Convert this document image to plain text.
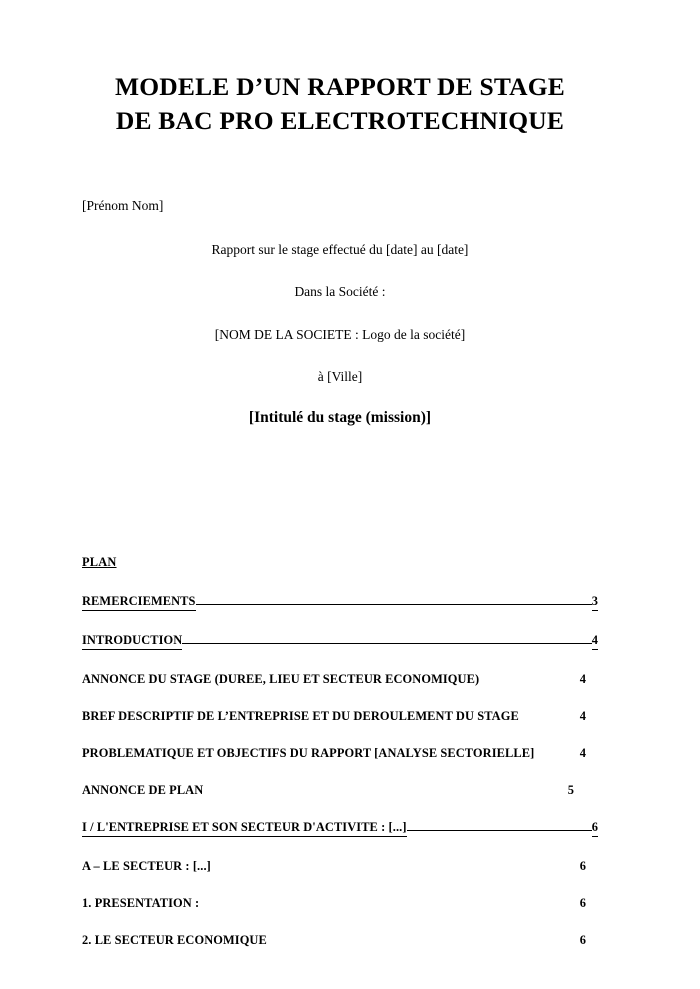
MODELE D’UN RAPPORT DE STAGE
DE BAC PRO ELECTROTECHNIQUE

[Prénom Nom]

Rapport sur le stage effectué du [date] au [date]

Dans la Société :

[NOM DE LA SOCIETE : Logo de la société]

à [Ville]

[Intitulé du stage (mission)]

PLAN

REMERCIEMENTS	3
INTRODUCTION	4
ANNONCE DU STAGE (DUREE, LIEU ET SECTEUR ECONOMIQUE)	4
BREF DESCRIPTIF DE L’ENTREPRISE ET DU DEROULEMENT DU STAGE	4
PROBLEMATIQUE ET OBJECTIFS DU RAPPORT [ANALYSE SECTORIELLE]	4
ANNONCE DE PLAN	5
I / L'ENTREPRISE ET SON SECTEUR D'ACTIVITE : [...]	6
A – LE SECTEUR : [...]	6
1. PRESENTATION :	6
2. LE SECTEUR ECONOMIQUE	6
